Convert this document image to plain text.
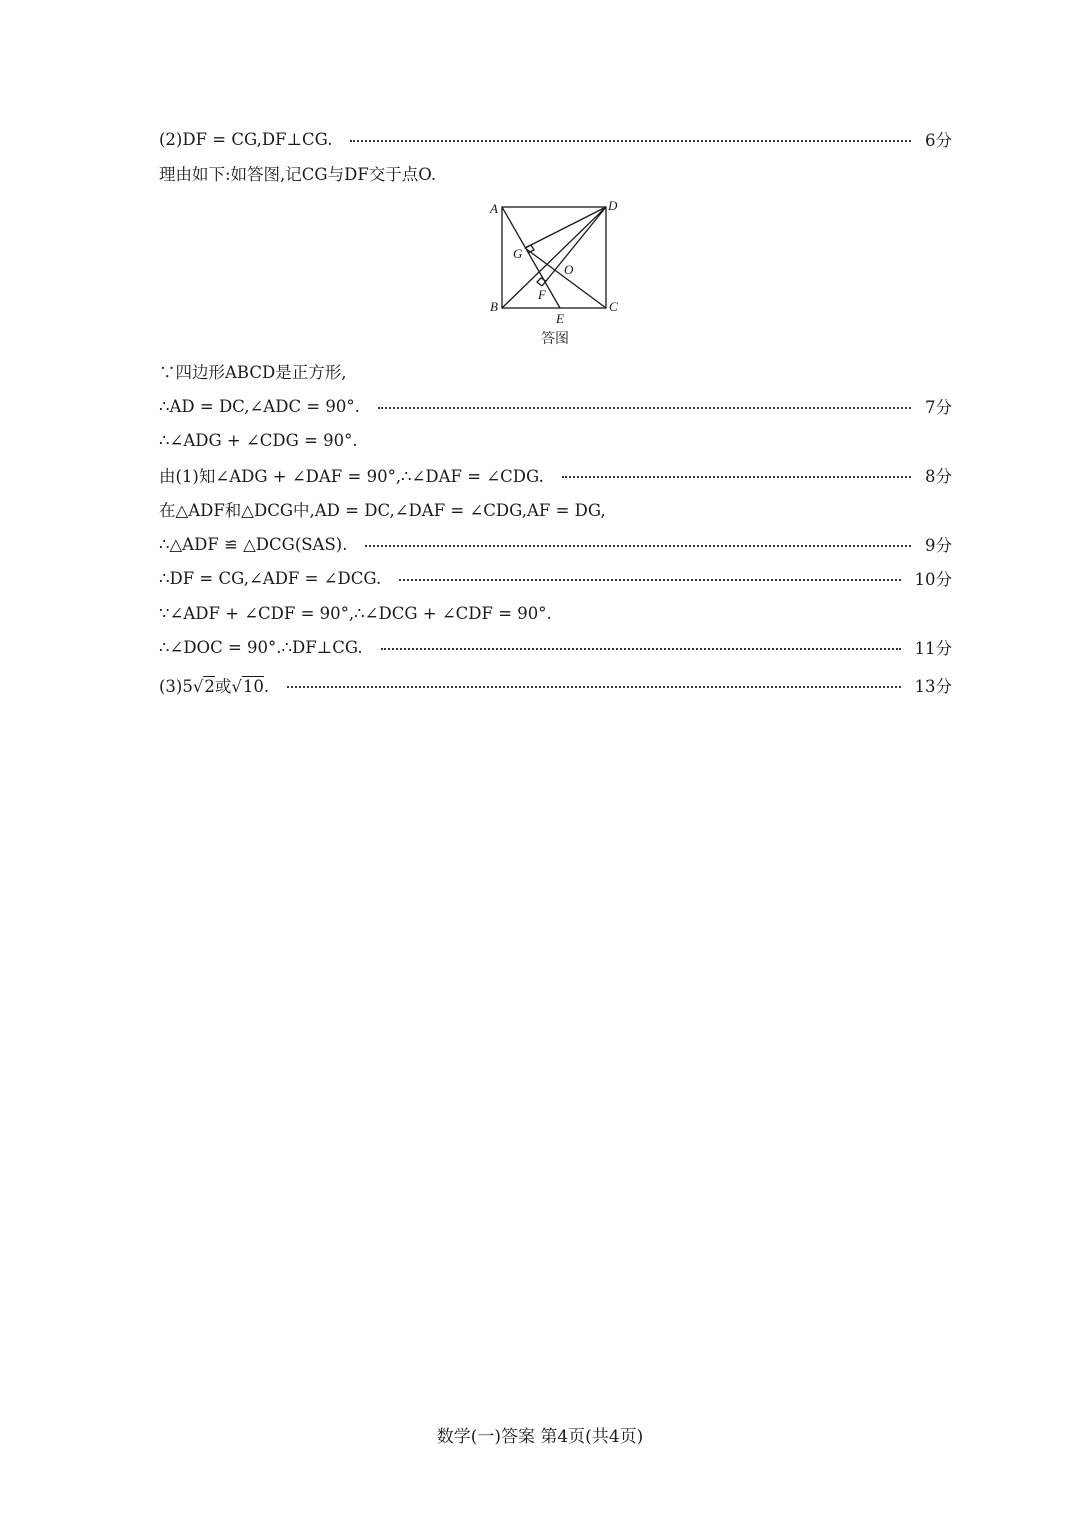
(2)DF = CG,DF⊥CG.	6分
理由如下:如答图,记CG与DF交于点O.
A	D
B	C
E
F
G
O
答图
∵四边形ABCD是正方形,
∴AD = DC,∠ADC = 90°.	7分
∴∠ADG + ∠CDG = 90°.
由(1)知∠ADG + ∠DAF = 90°,∴∠DAF = ∠CDG.	8分
在△ADF和△DCG中,AD = DC,∠DAF = ∠CDG,AF = DG,
∴△ADF ≌ △DCG(SAS).	9分
∴DF = CG,∠ADF = ∠DCG.	10分
∵∠ADF + ∠CDF = 90°,∴∠DCG + ∠CDF = 90°.
∴∠DOC = 90°.∴DF⊥CG.	11分
(3)5√2或√10.	13分
数学(一)答案 第4页(共4页)
